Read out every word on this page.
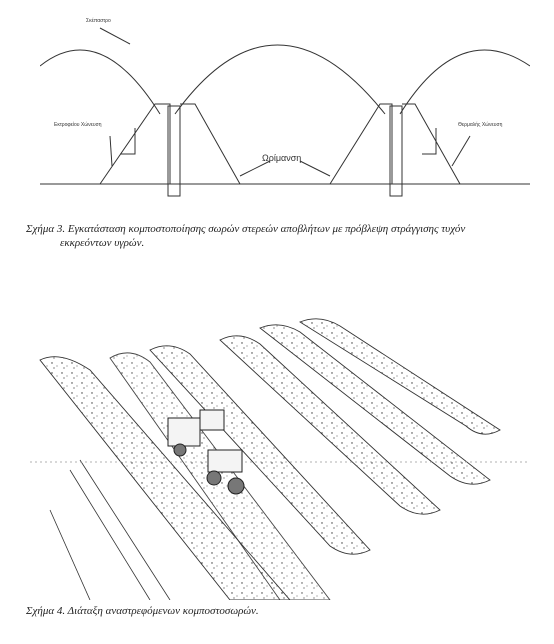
Σκέπαστρο
Εκτροφείου Χώνευση	Θερμαλής Χώνευση
Ωρίμανση
Σχήμα 3. Εγκατάσταση κομποστοποίησης σωρών στερεών αποβλήτων με πρόβλεψη στράγγισης τυχόν
εκκρεόντων υγρών.
Σχήμα 4. Διάταξη αναστρεφόμενων κομποστοσωρών.
